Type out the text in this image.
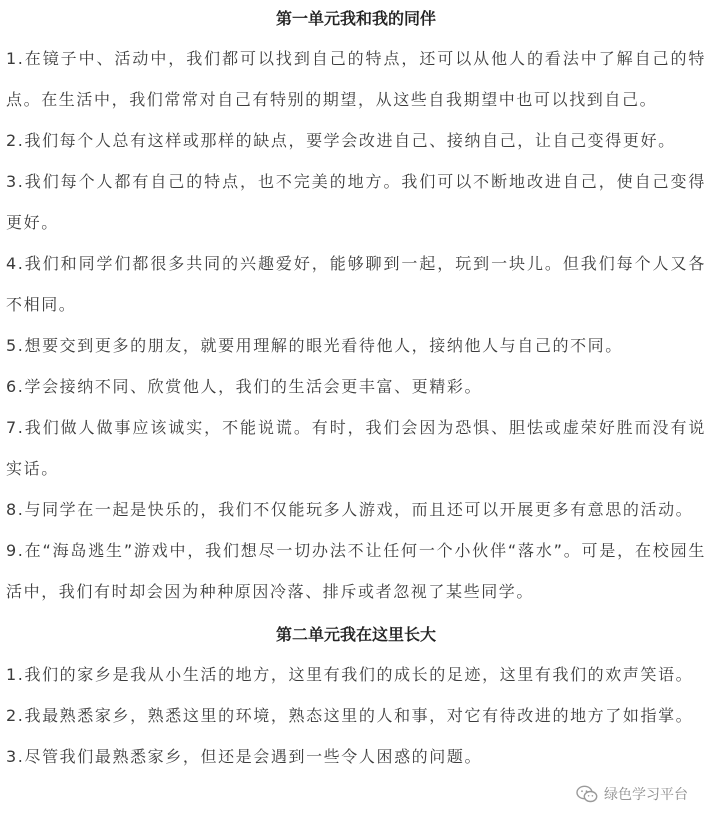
第一单元我和我的同伴

1.在镜子中、活动中，我们都可以找到自己的特点，还可以从他人的看法中了解自己的特点。在生活中，我们常常对自己有特别的期望，从这些自我期望中也可以找到自己。

2.我们每个人总有这样或那样的缺点，要学会改进自己、接纳自己，让自己变得更好。

3.我们每个人都有自己的特点，也不完美的地方。我们可以不断地改进自己，使自己变得更好。

4.我们和同学们都很多共同的兴趣爱好，能够聊到一起，玩到一块儿。但我们每个人又各不相同。

5.想要交到更多的朋友，就要用理解的眼光看待他人，接纳他人与自己的不同。

6.学会接纳不同、欣赏他人，我们的生活会更丰富、更精彩。

7.我们做人做事应该诚实，不能说谎。有时，我们会因为恐惧、胆怯或虚荣好胜而没有说实话。

8.与同学在一起是快乐的，我们不仅能玩多人游戏，而且还可以开展更多有意思的活动。

9.在“海岛逃生”游戏中，我们想尽一切办法不让任何一个小伙伴“落水”。可是，在校园生活中，我们有时却会因为种种原因冷落、排斥或者忽视了某些同学。

第二单元我在这里长大

1.我们的家乡是我从小生活的地方，这里有我们的成长的足迹，这里有我们的欢声笑语。

2.我最熟悉家乡，熟悉这里的环境，熟态这里的人和事，对它有待改进的地方了如指掌。

3.尽管我们最熟悉家乡，但还是会遇到一些令人困惑的问题。

绿色学习平台
